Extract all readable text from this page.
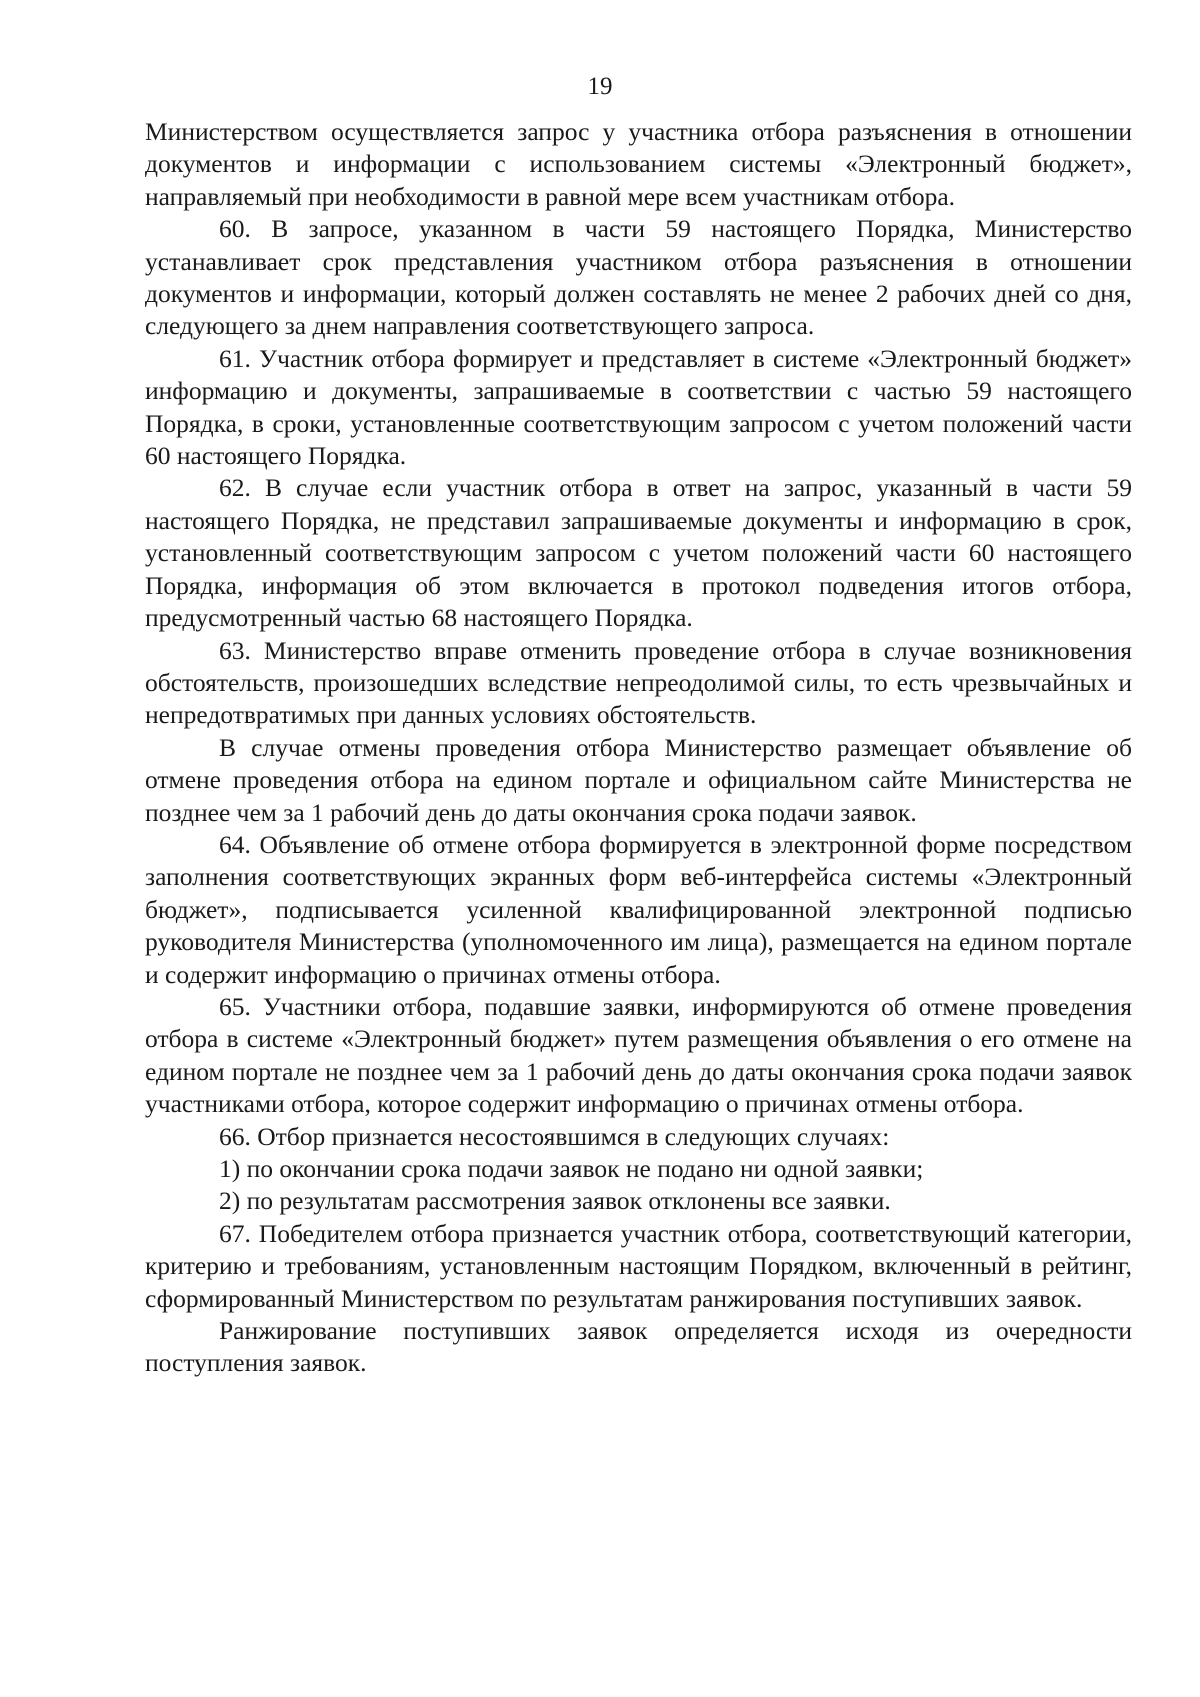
19

Министерством осуществляется запрос у участника отбора разъяснения в отношении документов и информации с использованием системы «Электронный бюджет», направляемый при необходимости в равной мере всем участникам отбора.

60. В запросе, указанном в части 59 настоящего Порядка, Министерство устанавливает срок представления участником отбора разъяснения в отношении документов и информации, который должен составлять не менее 2 рабочих дней со дня, следующего за днем направления соответствующего запроса.

61. Участник отбора формирует и представляет в системе «Электронный бюджет» информацию и документы, запрашиваемые в соответствии с частью 59 настоящего Порядка, в сроки, установленные соответствующим запросом с учетом положений части 60 настоящего Порядка.

62. В случае если участник отбора в ответ на запрос, указанный в части 59 настоящего Порядка, не представил запрашиваемые документы и информацию в срок, установленный соответствующим запросом с учетом положений части 60 настоящего Порядка, информация об этом включается в протокол подведения итогов отбора, предусмотренный частью 68 настоящего Порядка.

63. Министерство вправе отменить проведение отбора в случае возникновения обстоятельств, произошедших вследствие непреодолимой силы, то есть чрезвычайных и непредотвратимых при данных условиях обстоятельств.

В случае отмены проведения отбора Министерство размещает объявление об отмене проведения отбора на едином портале и официальном сайте Министерства не позднее чем за 1 рабочий день до даты окончания срока подачи заявок.

64. Объявление об отмене отбора формируется в электронной форме посредством заполнения соответствующих экранных форм веб-интерфейса системы «Электронный бюджет», подписывается усиленной квалифицированной электронной подписью руководителя Министерства (уполномоченного им лица), размещается на едином портале и содержит информацию о причинах отмены отбора.

65. Участники отбора, подавшие заявки, информируются об отмене проведения отбора в системе «Электронный бюджет» путем размещения объявления о его отмене на едином портале не позднее чем за 1 рабочий день до даты окончания срока подачи заявок участниками отбора, которое содержит информацию о причинах отмены отбора.

66. Отбор признается несостоявшимся в следующих случаях:

1) по окончании срока подачи заявок не подано ни одной заявки;

2) по результатам рассмотрения заявок отклонены все заявки.

67. Победителем отбора признается участник отбора, соответствующий категории, критерию и требованиям, установленным настоящим Порядком, включенный в рейтинг, сформированный Министерством по результатам ранжирования поступивших заявок.

Ранжирование поступивших заявок определяется исходя из очередности поступления заявок.
